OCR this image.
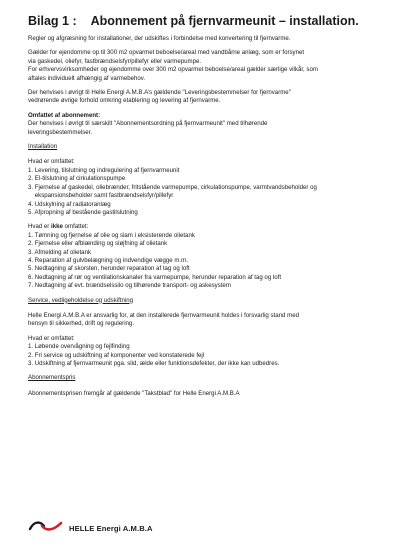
Bilag 1 : Abonnement på fjernvarmeunit – installation.
Regler og afgræsning for installationer, der udskiftes i forbindelse med konvertering til fjernvarme.
Gælder for ejendomme op til 300 m2 opvarmet beboelse/areal med vandbårne anlæg, som er forsynet
via gaskedel, oliefyr, fastbrændselsfyr/pillefyr eller varmepumpe.
For erhvervsvirksomheder og ejendomme over 300 m2 opvarmet beboelse/areal gælder særlige vilkår, som
aftales individuelt afhængig af varmebehov.
Der henvises i øvrigt til Helle Energi A.M.B.A’s gældende "Leveringsbestemmelser for fjernvarme"
vedrørende øvrige forhold omkring etablering og levering af fjernvarme.
Omfattet af abonnement:
Der henvises i øvrigt til særskilt "Abonnementsordning på fjernvarmeunit" med tilhørende
leveringsbestemmelser.
Installation
Hvad er omfattet:
1. Levering, tilslutning og indregulering af fjernvarmeunit
2. El-tilslutning af cirkulationspumpe
3. Fjernelse af gaskedel, oliebrænder, fritstående varmepumpe, cirkulationspumpe, varmtvandsbeholder og
ekspansionsbeholder samt fastbrændselsfyr/pillefyr
4. Udskylning af radiatoranlæg
5. Afpropning af bestående gastilslutning
Hvad er ikke omfattet:
1. Tømning og fjernelse af olie og slam i eksisterende olietank
2. Fjernelse eller afblænding og sløjfning af olietank
3. Afmelding af olietank
4. Reparation af gulvbelægning og indvendige vægge m.m.
5. Nedtagning af skorsten, herunder reparation af tag og loft
6. Nedtagning af rør og ventilationskanaler fra varmepumpe, herunder reparation af tag og loft
7. Nedtagning af evt. brændselssilo og tilhørende transport- og askesystem
Service, vedligeholdelse og udskiftning
Helle Energi A.M.B.A er ansvarlig for, at den installerede fjernvarmeunit holdes i forsvarlig stand med
hensyn til sikkerhed, drift og regulering.
Hvad er omfattet:
1. Løbende overvågning og fejlfinding
2. Fri service og udskiftning af komponenter ved konstaterede fejl
3. Udskiftning af fjernvarmeunit pga. slid, ælde eller funktionsdefekter, der ikke kan udbedres.
Abonnementspris
Abonnementsprisen fremgår af gældende "Takstblad" for Helle Energi A.M.B.A
HELLE Energi A.M.B.A
